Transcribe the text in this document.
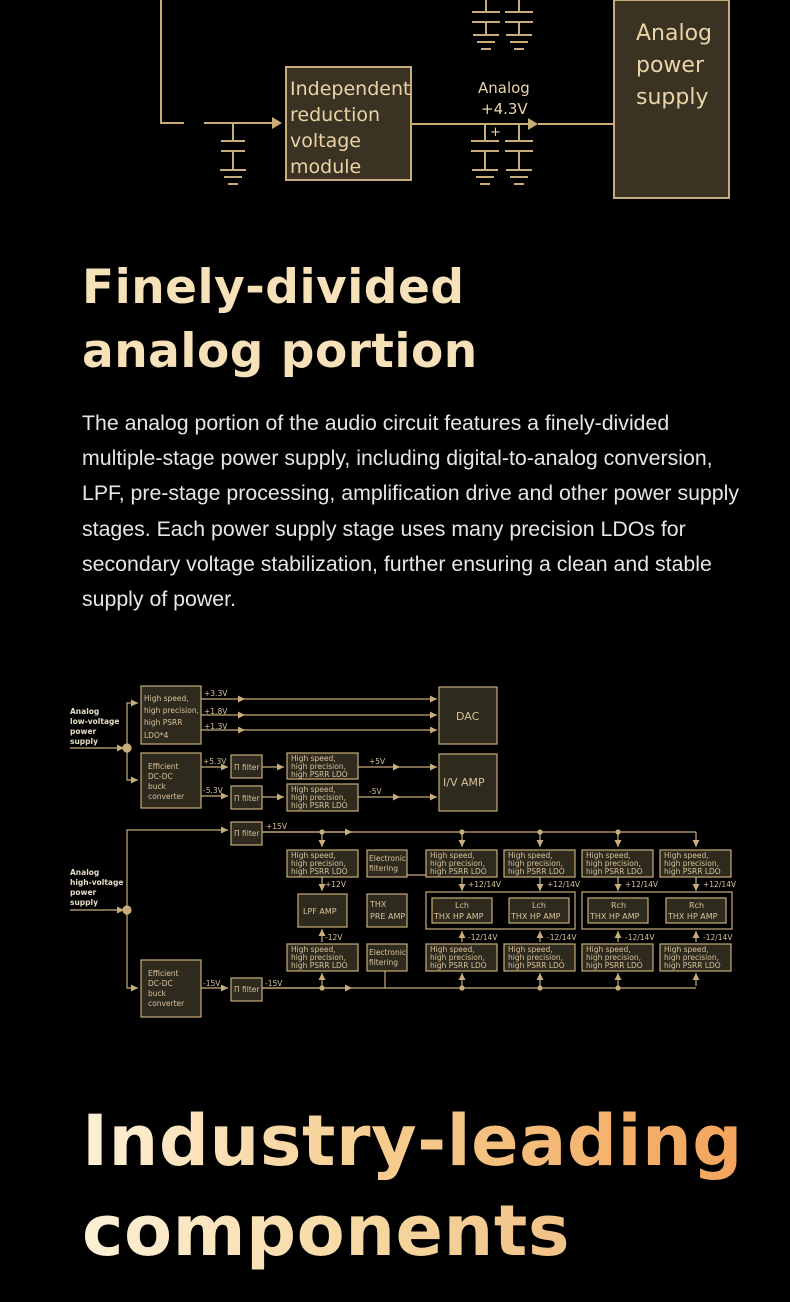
Independent
reduction
voltage
module
Analog
+4.3V
+
Analog
power
supply
Finely-divided
analog portion

The analog portion of the audio circuit features a finely-divided multiple-stage power supply, including digital-to-analog conversion, LPF, pre-stage processing, amplification drive and other power supply stages. Each power supply stage uses many precision LDOs for secondary voltage stabilization, further ensuring a clean and stable supply of power.

Analog
low-voltage
power
supply
High speed,
high precision,
high PSRR
LDO*4
+3.3V
+1.8V
+1.3V
DAC
Efficient
DC-DC
buck
converter
+5.3V
-5.3V
Π filter
Π filter
High speed,
high precision,
high PSRR LDO
High speed,
high precision,
high PSRR LDO
+5V
-5V
I/V AMP
Analog
high-voltage
power
supply
Π filter
+15V
High speed,
high precision,
high PSRR LDO
Electronic
filtering
High speed,
high precision,
high PSRR LDO
High speed,
high precision,
high PSRR LDO
High speed,
high precision,
high PSRR LDO
High speed,
high precision,
high PSRR LDO
+12V	+12/14V	+12/14V	+12/14V	+12/14V
LPF AMP
THX
PRE AMP
Lch
THX HP AMP
Lch
THX HP AMP
Rch
THX HP AMP
Rch
THX HP AMP
-12V	-12/14V	-12/14V	-12/14V	-12/14V
High speed,
high precision,
high PSRR LDO
Electronic
filtering
High speed,
high precision,
high PSRR LDO
High speed,
high precision,
high PSRR LDO
High speed,
high precision,
high PSRR LDO
High speed,
high precision,
high PSRR LDO
Efficient
DC-DC
buck
converter
-15V
Π filter
-15V
Industry-leading
components
